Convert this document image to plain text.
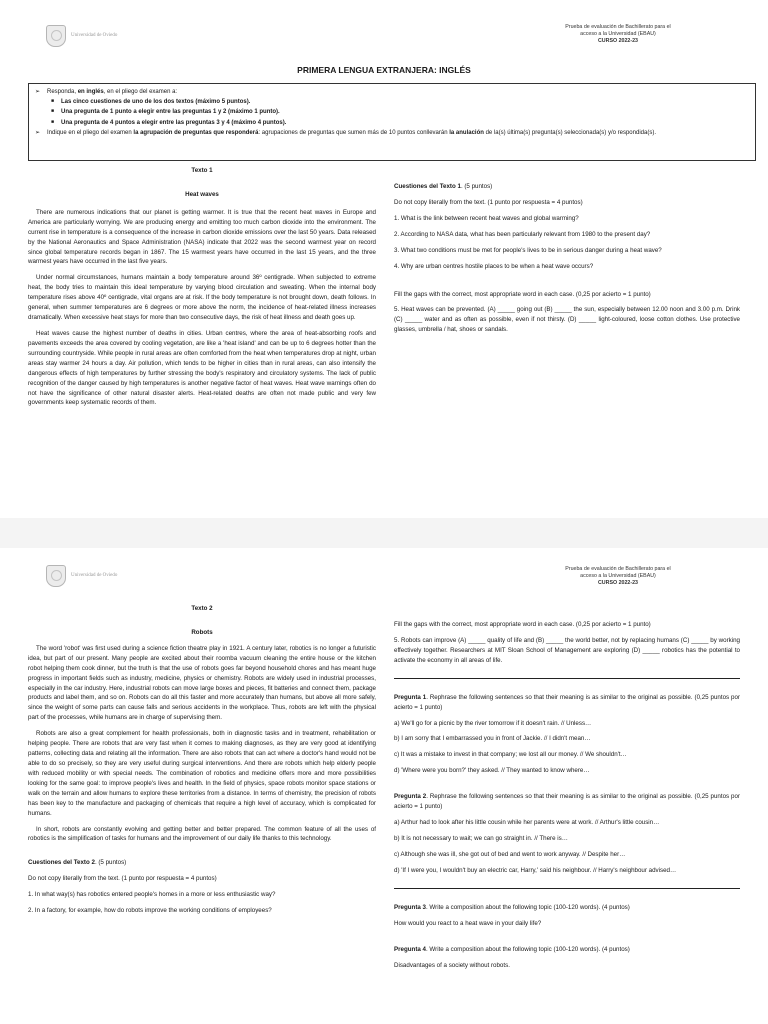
Universidad de Oviedo
Prueba de evaluación de Bachillerato para el
acceso a la Universidad (EBAU)
CURSO 2022-23
PRIMERA LENGUA EXTRANJERA: INGLÉS
➢	Responda, en inglés, en el pliego del examen a:
■ Las cinco cuestiones de uno de los dos textos (máximo 5 puntos).
■ Una pregunta de 1 punto a elegir entre las preguntas 1 y 2 (máximo 1 punto).
■ Una pregunta de 4 puntos a elegir entre las preguntas 3 y 4 (máximo 4 puntos).
➢	Indique en el pliego del examen la agrupación de preguntas que responderá: agrupaciones de preguntas que sumen más de 10 puntos conllevarán la anulación de la(s) última(s) pregunta(s) seleccionada(s) y/o respondida(s).
Texto 1
Heat waves

There are numerous indications that our planet is getting warmer. It is true that the recent heat waves in Europe and America are particularly worrying. We are producing energy and emitting too much carbon dioxide into the environment. The current rise in temperature is a consequence of the increase in carbon dioxide emissions over the last 50 years. Data released by the National Aeronautics and Space Administration (NASA) indicate that 2022 was the second warmest year on record since global temperature records began in 1867. The 15 warmest years have occurred in the last 15 years, and the three warmest years have occurred in the last five years.

Under normal circumstances, humans maintain a body temperature around 36º centigrade. When subjected to extreme heat, the body tries to maintain this ideal temperature by varying blood circulation and sweating. When the internal body temperature rises above 40º centigrade, vital organs are at risk. If the body temperature is not brought down, death follows. In general, when summer temperatures are 6 degrees or more above the norm, the incidence of heat-related illness increases dramatically. When excessive heat stays for more than two consecutive days, the risk of heat illness and death goes up.

Heat waves cause the highest number of deaths in cities. Urban centres, where the area of heat-absorbing roofs and pavements exceeds the area covered by cooling vegetation, are like a 'heat island' and can be up to 6 degrees hotter than the surrounding countryside. While people in rural areas are often comforted from the heat when temperatures drop at night, urban areas stay warmer 24 hours a day. Air pollution, which tends to be higher in cities than in rural areas, can also intensify the dangerous effects of high temperatures by further stressing the body's respiratory and circulatory systems. The lack of public recognition of the danger caused by high temperatures is another negative factor of heat waves. Heat wave warnings often do not have the significance of other natural disaster alerts. Heat-related deaths are often not made public and very few governments keep systematic records of them.

Cuestiones del Texto 1. (5 puntos)
Do not copy literally from the text. (1 punto por respuesta = 4 puntos)
1. What is the link between recent heat waves and global warming?
2. According to NASA data, what has been particularly relevant from 1980 to the present day?
3. What two conditions must be met for people's lives to be in serious danger during a heat wave?
4. Why are urban centres hostile places to be when a heat wave occurs?
Fill the gaps with the correct, most appropriate word in each case. (0,25 por acierto = 1 punto)
5. Heat waves can be prevented. (A) _____ going out (B) _____ the sun, especially between 12.00 noon and 3.00 p.m. Drink (C) _____ water and as often as possible, even if not thirsty. (D) _____ light-coloured, loose cotton clothes. Use protective glasses, umbrella / hat, shoes or sandals.
Universidad de Oviedo
Prueba de evaluación de Bachillerato para el
acceso a la Universidad (EBAU)
CURSO 2022-23
Texto 2
Robots

The word 'robot' was first used during a science fiction theatre play in 1921. A century later, robotics is no longer a futuristic idea, but part of our present. Many people are excited about their roomba vacuum cleaning the entire house or the kitchen robot helping them cook dinner, but the truth is that the use of robots goes far beyond household chores and has meant huge progress in important fields such as industry, medicine, physics or chemistry. Robots are widely used in industrial processes, especially in the car industry. Here, industrial robots can move large boxes and pieces, fit batteries and connect them, package products and label them, and so on. Robots can do all this faster and more accurately than humans, but above all more safely, since the weight of some parts can cause falls and serious accidents in the workplace. Thus, robots are left with the physical part of the processes, while humans are in charge of supervising them.

Robots are also a great complement for health professionals, both in diagnostic tasks and in treatment, rehabilitation or helping people. There are robots that are very fast when it comes to making diagnoses, as they are very good at identifying patterns, collecting data and relating all the information. There are also robots that can act where a doctor's hand would not be able to do so precisely, so they are very useful during surgical interventions. And there are robots which help elderly people with reduced mobility or with special needs. The combination of robotics and medicine offers more and more possibilities looking for the same goal: to improve people's lives and health. In the field of physics, space robots monitor space stations or walk on the terrain and allow humans to explore these territories from a distance. In terms of chemistry, the precision of robots has been key to the manufacture and packaging of chemicals that require a high level of accuracy, which is complicated for humans.

In short, robots are constantly evolving and getting better and better prepared. The common feature of all the uses of robotics is the simplification of tasks for humans and the improvement of our daily life thanks to this technology.

Cuestiones del Texto 2. (5 puntos)
Do not copy literally from the text. (1 punto por respuesta = 4 puntos)
1. In what way(s) has robotics entered people's homes in a more or less enthusiastic way?
2. In a factory, for example, how do robots improve the working conditions of employees?
Fill the gaps with the correct, most appropriate word in each case. (0,25 por acierto = 1 punto)
5. Robots can improve (A) _____ quality of life and (B) _____ the world better, not by replacing humans (C) _____ by working effectively together. Researchers at MIT Sloan School of Management are exploring (D) _____ robotics has the potential to activate the economy in all areas of life.
Pregunta 1. Rephrase the following sentences so that their meaning is as similar to the original as possible. (0,25 puntos por acierto = 1 punto)
a) We'll go for a picnic by the river tomorrow if it doesn't rain. // Unless…
b) I am sorry that I embarrassed you in front of Jackie. // I didn't mean…
c) It was a mistake to invest in that company; we lost all our money. // We shouldn't…
d) 'Where were you born?' they asked. // They wanted to know where…
Pregunta 2. Rephrase the following sentences so that their meaning is as similar to the original as possible. (0,25 puntos por acierto = 1 punto)
a) Arthur had to look after his little cousin while her parents were at work. // Arthur's little cousin…
b) It is not necessary to wait; we can go straight in. // There is…
c) Although she was ill, she got out of bed and went to work anyway. // Despite her…
d) 'If I were you, I wouldn't buy an electric car, Harry,' said his neighbour. // Harry's neighbour advised…
Pregunta 3. Write a composition about the following topic (100-120 words). (4 puntos)
How would you react to a heat wave in your daily life?
Pregunta 4. Write a composition about the following topic (100-120 words). (4 puntos)
Disadvantages of a society without robots.
